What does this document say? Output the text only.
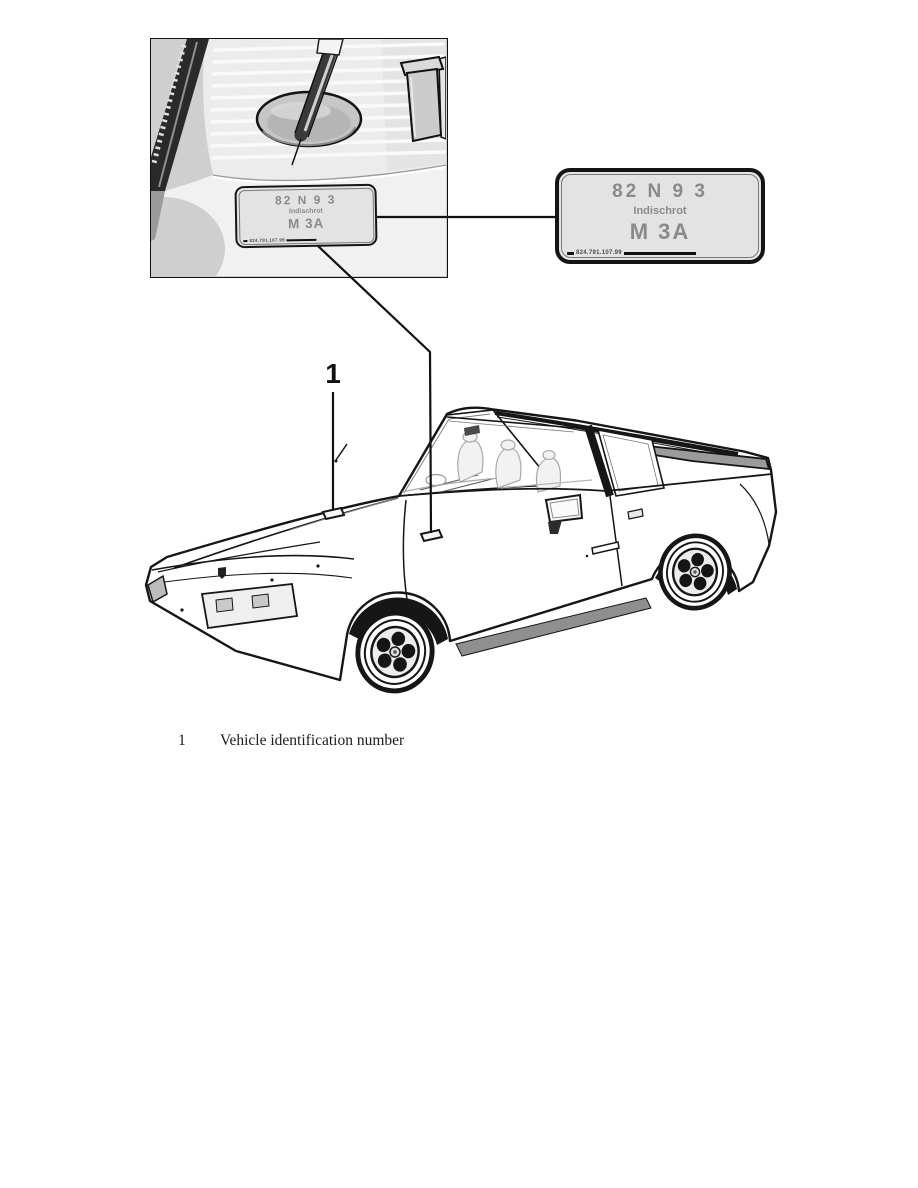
82 N 9 3
Indischrot
M 3A
824.791.107.99
82 N 9 3
Indischrot
M 3A
824.791.107.99
1
1	Vehicle identification number
